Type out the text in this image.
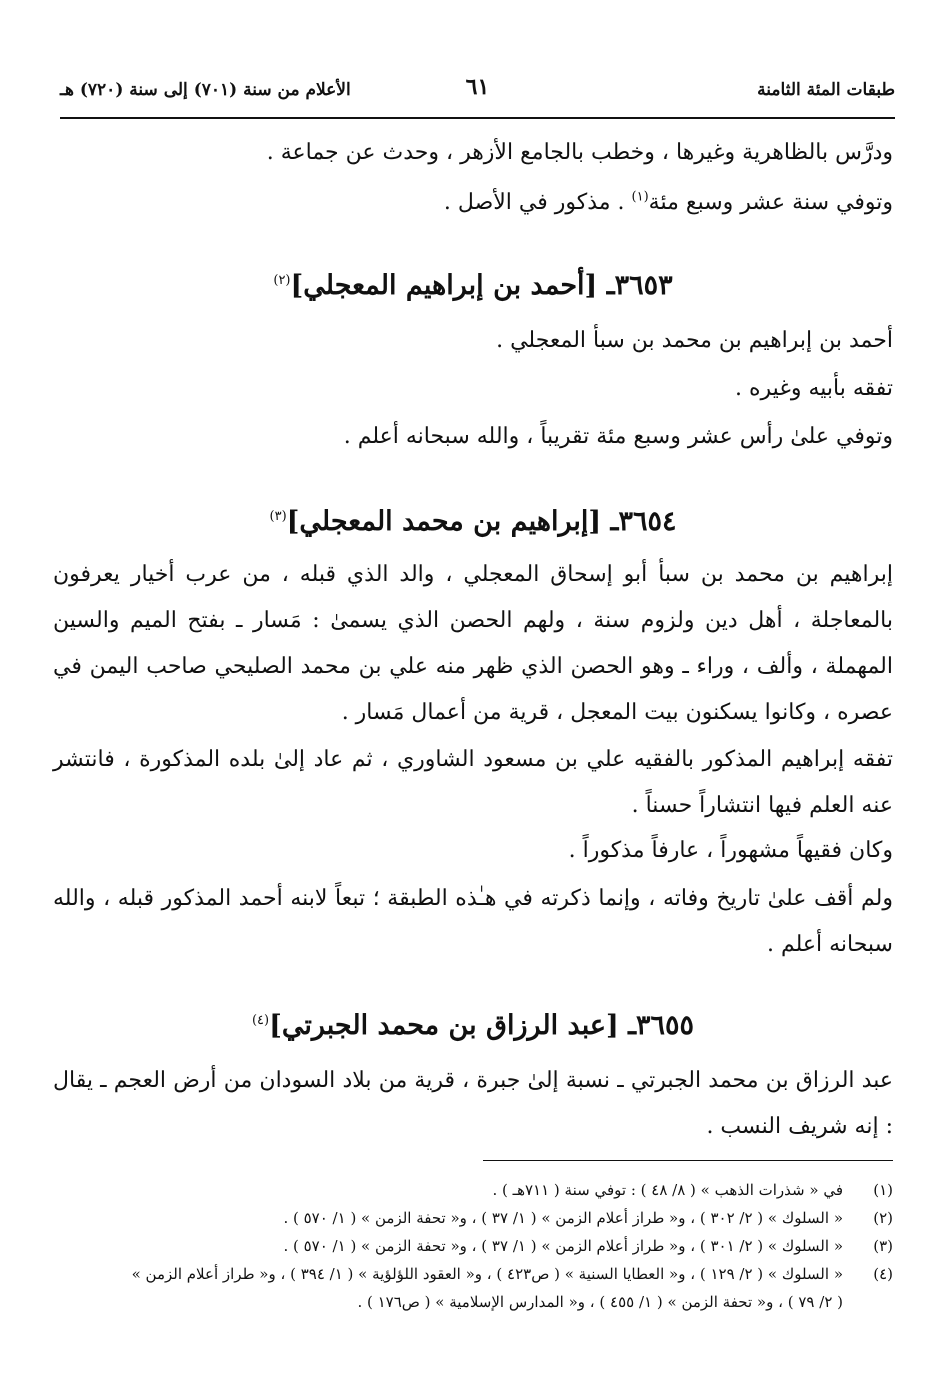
طبقات المئة الثامنة
٦١
الأعلام من سنة (٧٠١) إلى سنة (٧٢٠) هـ
ودرَّس بالظاهرية وغيرها ، وخطب بالجامع الأزهر ، وحدث عن جماعة .
وتوفي سنة عشر وسبع مئة$^{(١)}$ . مذكور في الأصل .
٣٦٥٣ـ [أحمد بن إبراهيم المعجلي]$^{(٢)}$
أحمد بن إبراهيم بن محمد بن سبأ المعجلي .
تفقه بأبيه وغيره .
وتوفي علىٰ رأس عشر وسبع مئة تقريباً ، والله سبحانه أعلم .
٣٦٥٤ـ [إبراهيم بن محمد المعجلي]$^{(٣)}$
إبراهيم بن محمد بن سبأ أبو إسحاق المعجلي ، والد الذي قبله ، من عرب أخيار يعرفون بالمعاجلة ، أهل دين ولزوم سنة ، ولهم الحصن الذي يسمىٰ : مَسار ـ بفتح الميم والسين المهملة ، وألف ، وراء ـ وهو الحصن الذي ظهر منه علي بن محمد الصليحي صاحب اليمن في عصره ، وكانوا يسكنون بيت المعجل ، قرية من أعمال مَسار .
تفقه إبراهيم المذكور بالفقيه علي بن مسعود الشاوري ، ثم عاد إلىٰ بلده المذكورة ، فانتشر عنه العلم فيها انتشاراً حسناً .
وكان فقيهاً مشهوراً ، عارفاً مذكوراً .
ولم أقف علىٰ تاريخ وفاته ، وإنما ذكرته في هـٰذه الطبقة ؛ تبعاً لابنه أحمد المذكور قبله ، والله سبحانه أعلم .
٣٦٥٥ـ [عبد الرزاق بن محمد الجبرتي]$^{(٤)}$
عبد الرزاق بن محمد الجبرتي ـ نسبة إلىٰ جبرة ، قرية من بلاد السودان من أرض العجم ـ يقال : إنه شريف النسب .
(١)في « شذرات الذهب » ( ٨/ ٤٨ ) : توفي سنة ( ٧١١هـ ) .
(٢)« السلوك » ( ٢/ ٣٠٢ ) ، و« طراز أعلام الزمن » ( ١/ ٣٧ ) ، و« تحفة الزمن » ( ١/ ٥٧٠ ) .
(٣)« السلوك » ( ٢/ ٣٠١ ) ، و« طراز أعلام الزمن » ( ١/ ٣٧ ) ، و« تحفة الزمن » ( ١/ ٥٧٠ ) .
(٤)« السلوك » ( ٢/ ١٢٩ ) ، و« العطايا السنية » ( ص٤٢٣ ) ، و« العقود اللؤلؤية » ( ١/ ٣٩٤ ) ، و« طراز أعلام الزمن »
( ٢/ ٧٩ ) ، و« تحفة الزمن » ( ١/ ٤٥٥ ) ، و« المدارس الإسلامية » ( ص١٧٦ ) .
